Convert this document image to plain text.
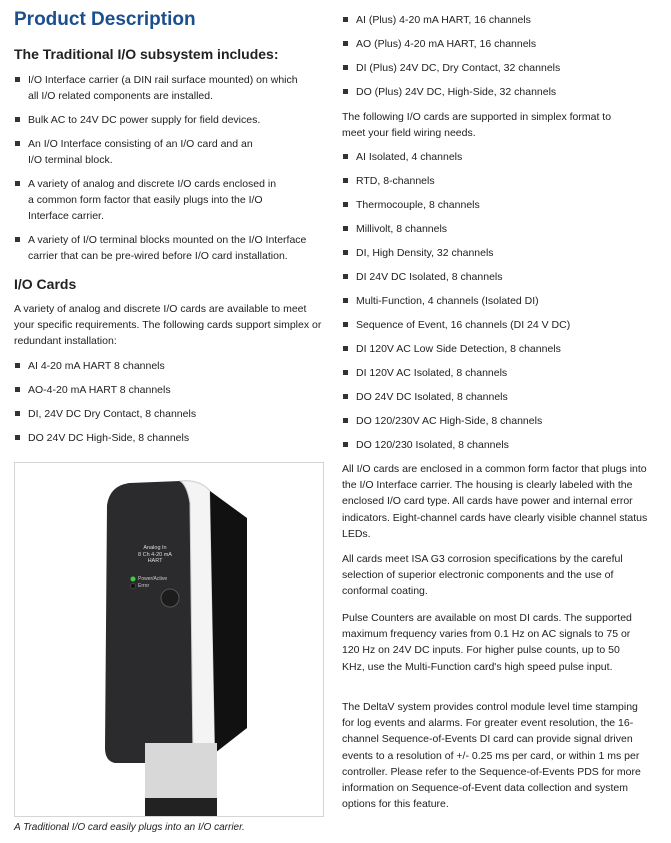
Product Description
The Traditional I/O subsystem includes:
I/O Interface carrier (a DIN rail surface mounted) on which all I/O related components are installed.
Bulk AC to 24V DC power supply for field devices.
An I/O Interface consisting of an I/O card and an I/O terminal block.
A variety of analog and discrete I/O cards enclosed in a common form factor that easily plugs into the I/O Interface carrier.
A variety of I/O terminal blocks mounted on the I/O Interface carrier that can be pre-wired before I/O card installation.
I/O Cards

A variety of analog and discrete I/O cards are available to meet your specific requirements. The following cards support simplex or redundant installation:

AI 4-20 mA HART 8 channels
AO-4-20 mA HART 8 channels
DI, 24V DC Dry Contact, 8 channels
DO 24V DC High-Side, 8 channels
Analog In
8 Ch 4-20 mA
HART
Power/Active
Error
A Traditional I/O card easily plugs into an I/O carrier.
AI (Plus) 4-20 mA HART, 16 channels
AO (Plus) 4-20 mA HART, 16 channels
DI (Plus) 24V DC, Dry Contact, 32 channels
DO (Plus) 24V DC, High-Side, 32 channels

The following I/O cards are supported in simplex format to meet your field wiring needs.

AI Isolated, 4 channels
RTD, 8-channels
Thermocouple, 8 channels
Millivolt, 8 channels
DI, High Density, 32 channels
DI 24V DC Isolated, 8 channels
Multi-Function, 4 channels (Isolated DI)
Sequence of Event, 16 channels (DI 24 V DC)
DI 120V AC Low Side Detection, 8 channels
DI 120V AC Isolated, 8 channels
DO 24V DC Isolated, 8 channels
DO 120/230V AC High-Side, 8 channels
DO 120/230 Isolated, 8 channels

All I/O cards are enclosed in a common form factor that plugs into the I/O Interface carrier. The housing is clearly labeled with the enclosed I/O card type. All cards have power and internal error indicators. Eight-channel cards have clearly visible channel status LEDs.

All cards meet ISA G3 corrosion specifications by the careful selection of superior electronic components and the use of conformal coating.

Pulse Counters are available on most DI cards. The supported maximum frequency varies from 0.1 Hz on AC signals to 75 or 120 Hz on 24V DC inputs. For higher pulse counts, up to 50 KHz, use the Multi-Function card's high speed pulse input.

The DeltaV system provides control module level time stamping for log events and alarms. For greater event resolution, the 16-channel Sequence-of-Events DI card can provide signal driven events to a resolution of +/- 0.25 ms per card, or within 1 ms per controller. Please refer to the Sequence-of-Events PDS for more information on Sequence-of-Event data collection and system options for this feature.
